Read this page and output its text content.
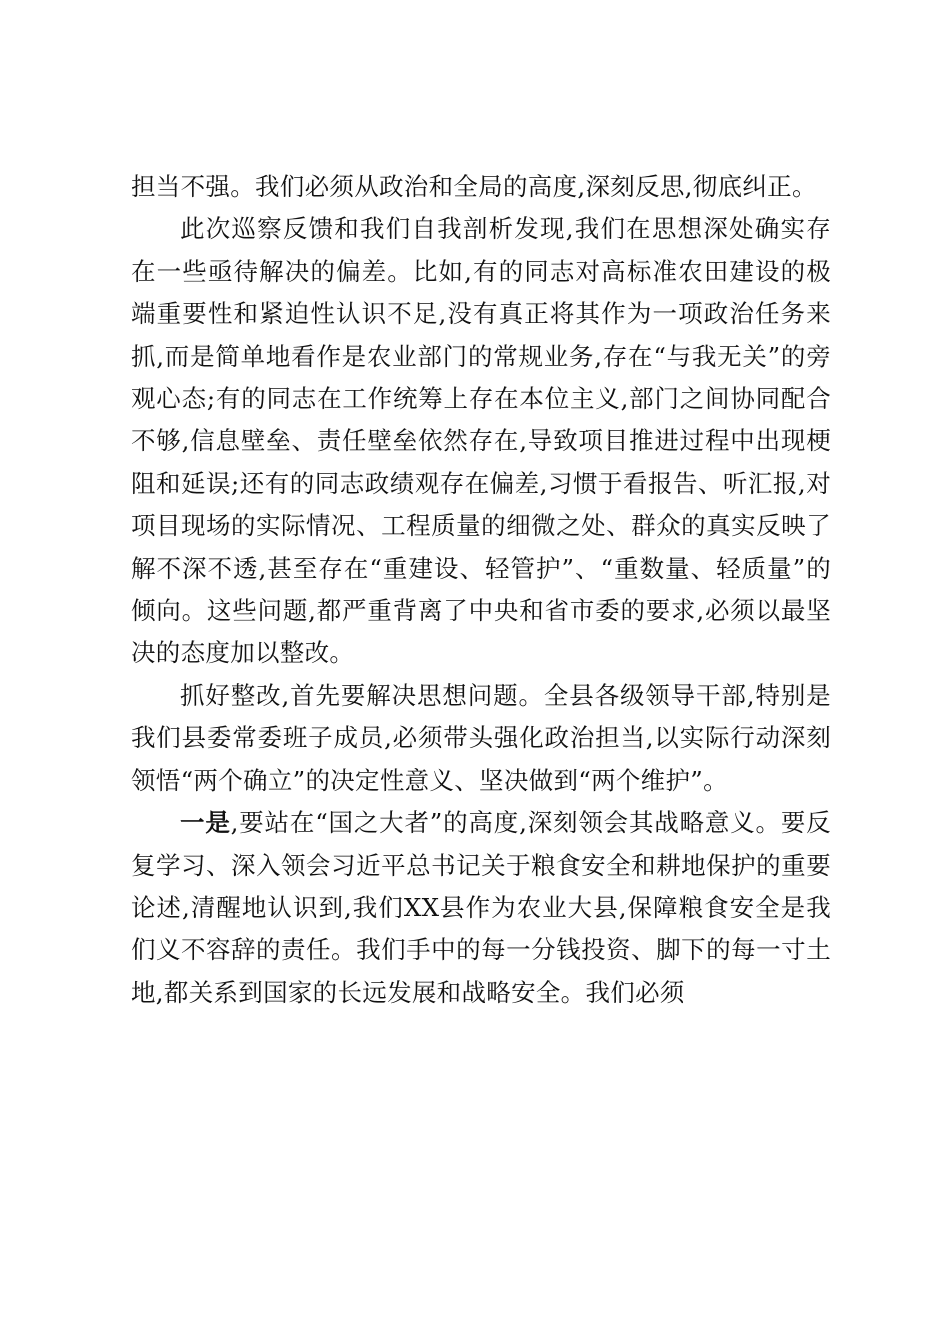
担当不强。我们必须从政治和全局的高度,深刻反思,彻底纠正。

此次巡察反馈和我们自我剖析发现,我们在思想深处确实存在一些亟待解决的偏差。比如,有的同志对高标准农田建设的极端重要性和紧迫性认识不足,没有真正将其作为一项政治任务来抓,而是简单地看作是农业部门的常规业务,存在“与我无关”的旁观心态;有的同志在工作统筹上存在本位主义,部门之间协同配合不够,信息壁垒、责任壁垒依然存在,导致项目推进过程中出现梗阻和延误;还有的同志政绩观存在偏差,习惯于看报告、听汇报,对项目现场的实际情况、工程质量的细微之处、群众的真实反映了解不深不透,甚至存在“重建设、轻管护”、“重数量、轻质量”的倾向。这些问题,都严重背离了中央和省市委的要求,必须以最坚决的态度加以整改。

抓好整改,首先要解决思想问题。全县各级领导干部,特别是我们县委常委班子成员,必须带头强化政治担当,以实际行动深刻领悟“两个确立”的决定性意义、坚决做到“两个维护”。

一是,要站在“国之大者”的高度,深刻领会其战略意义。要反复学习、深入领会习近平总书记关于粮食安全和耕地保护的重要论述,清醒地认识到,我们XX县作为农业大县,保障粮食安全是我们义不容辞的责任。我们手中的每一分钱投资、脚下的每一寸土地,都关系到国家的长远发展和战略安全。我们必须
